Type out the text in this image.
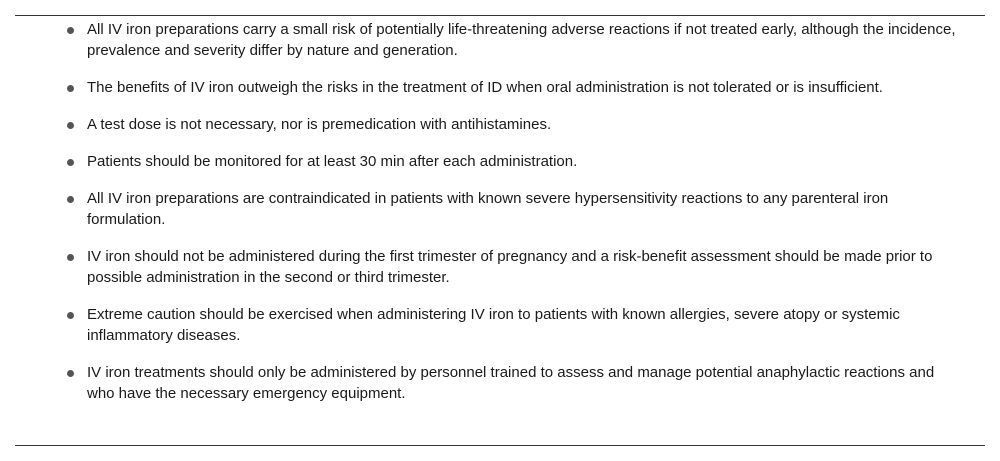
All IV iron preparations carry a small risk of potentially life-threatening adverse reactions if not treated early, although the incidence, prevalence and severity differ by nature and generation.
The benefits of IV iron outweigh the risks in the treatment of ID when oral administration is not tolerated or is insufficient.
A test dose is not necessary, nor is premedication with antihistamines.
Patients should be monitored for at least 30 min after each administration.
All IV iron preparations are contraindicated in patients with known severe hypersensitivity reactions to any parenteral iron formulation.
IV iron should not be administered during the first trimester of pregnancy and a risk-benefit assessment should be made prior to possible administration in the second or third trimester.
Extreme caution should be exercised when administering IV iron to patients with known allergies, severe atopy or systemic inflammatory diseases.
IV iron treatments should only be administered by personnel trained to assess and manage potential anaphylactic reactions and who have the necessary emergency equipment.
